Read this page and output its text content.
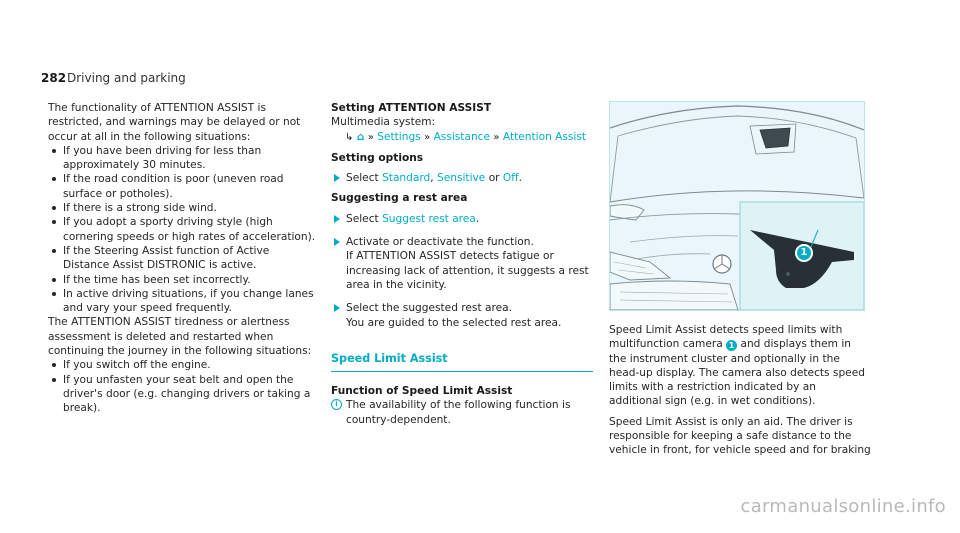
282 Driving and parking

The functionality of ATTENTION ASSIST is restricted, and warnings may be delayed or not occur at all in the following situations:

If you have been driving for less than approximately 30 minutes.
If the road condition is poor (uneven road surface or potholes).
If there is a strong side wind.
If you adopt a sporty driving style (high cornering speeds or high rates of acceleration).
If the Steering Assist function of Active Distance Assist DISTRONIC is active.
If the time has been set incorrectly.
In active driving situations, if you change lanes and vary your speed frequently.

The ATTENTION ASSIST tiredness or alertness assessment is deleted and restarted when continuing the journey in the following situations:

If you switch off the engine.
If you unfasten your seat belt and open the driver's door (e.g. changing drivers or taking a break).

Setting ATTENTION ASSIST

Multimedia system:

↳ ⌂ » Settings » Assistance » Attention Assist

Setting options

Select Standard, Sensitive or Off.

Suggesting a rest area

Select Suggest rest area.
Activate or deactivate the function.
If ATTENTION ASSIST detects fatigue or increasing lack of attention, it suggests a rest area in the vicinity.
Select the suggested rest area.
You are guided to the selected rest area.
Speed Limit Assist

Function of Speed Limit Assist

i The availability of the following function is country-dependent.
1

Speed Limit Assist detects speed limits with multifunction camera 1 and displays them in the instrument cluster and optionally in the head-up display. The camera also detects speed limits with a restriction indicated by an additional sign (e.g. in wet conditions).

Speed Limit Assist is only an aid. The driver is responsible for keeping a safe distance to the vehicle in front, for vehicle speed and for braking

carmanualsonline.info
